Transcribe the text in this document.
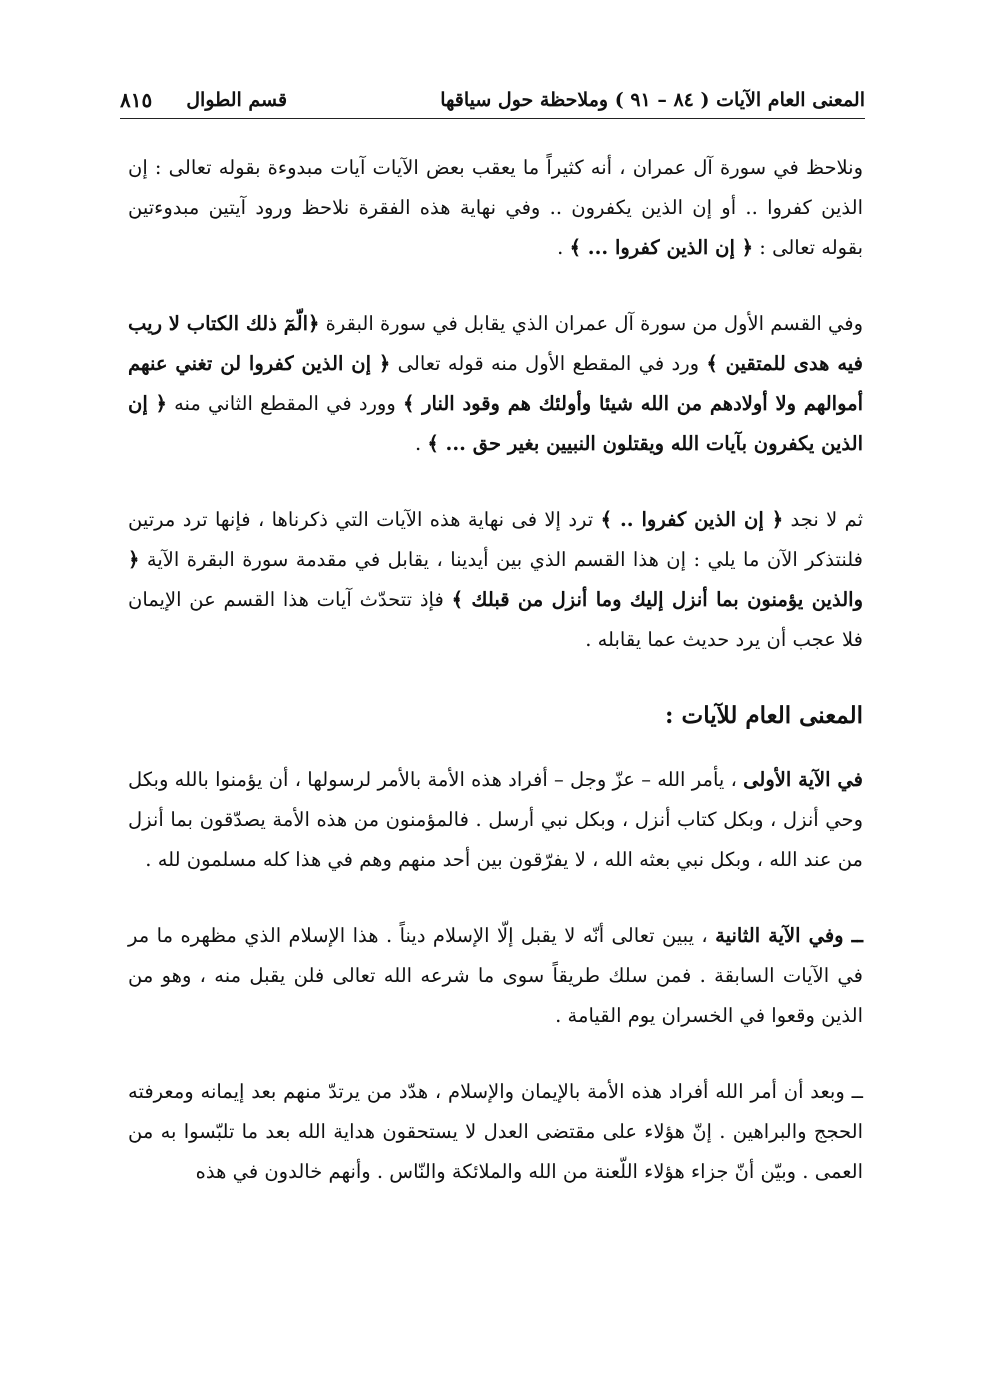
المعنى العام الآيات ( ٨٤ – ٩١ ) وملاحظة حول سياقها
قسم الطوال
٨١٥

ونلاحظ في سورة آل عمران ، أنه كثيراً ما يعقب بعض الآيات آيات مبدوءة بقوله تعالى : إن الذين كفروا .. أو إن الذين يكفرون .. وفي نهاية هذه الفقرة نلاحظ ورود آيتين مبدوءتين بقوله تعالى : ﴿ إن الذين كفروا ... ﴾ .

وفي القسم الأول من سورة آل عمران الذي يقابل في سورة البقرة ﴿الّمٓ ذلك الكتاب لا ريب فيه هدى للمتقين ﴾ ورد في المقطع الأول منه قوله تعالى ﴿ إن الذين كفروا لن تغني عنهم أموالهم ولا أولادهم من الله شيئا وأولئك هم وقود النار ﴾ وورد في المقطع الثاني منه ﴿ إن الذين يكفرون بآيات الله ويقتلون النبيين بغير حق ... ﴾ .

ثم لا نجد ﴿ إن الذين كفروا .. ﴾ ترد إلا فى نهاية هذه الآيات التي ذكرناها ، فإنها ترد مرتين فلنتذكر الآن ما يلي : إن هذا القسم الذي بين أيدينا ، يقابل في مقدمة سورة البقرة الآية ﴿ والذين يؤمنون بما أنزل إليك وما أنزل من قبلك ﴾ فإذ تتحدّث آيات هذا القسم عن الإيمان فلا عجب أن يرد حديث عما يقابله .

المعنى العام للآيات :

في الآية الأولى ، يأمر الله – عزّ وجل – أفراد هذه الأمة بالأمر لرسولها ، أن يؤمنوا بالله وبكل وحي أنزل ، وبكل كتاب أنزل ، وبكل نبي أرسل . فالمؤمنون من هذه الأمة يصدّقون بما أنزل من عند الله ، وبكل نبي بعثه الله ، لا يفرّقون بين أحد منهم وهم في هذا كله مسلمون لله .

ــ وفي الآية الثانية ، يبين تعالى أنّه لا يقبل إلّا الإسلام ديناً . هذا الإسلام الذي مظهره ما مر في الآيات السابقة . فمن سلك طريقاً سوى ما شرعه الله تعالى فلن يقبل منه ، وهو من الذين وقعوا في الخسران يوم القيامة .

ــ وبعد أن أمر الله أفراد هذه الأمة بالإيمان والإسلام ، هدّد من يرتدّ منهم بعد إيمانه ومعرفته الحجج والبراهين . إنّ هؤلاء على مقتضى العدل لا يستحقون هداية الله بعد ما تلبّسوا به من العمى . وبيّن أنّ جزاء هؤلاء اللّعنة من الله والملائكة والنّاس . وأنهم خالدون في هذه
